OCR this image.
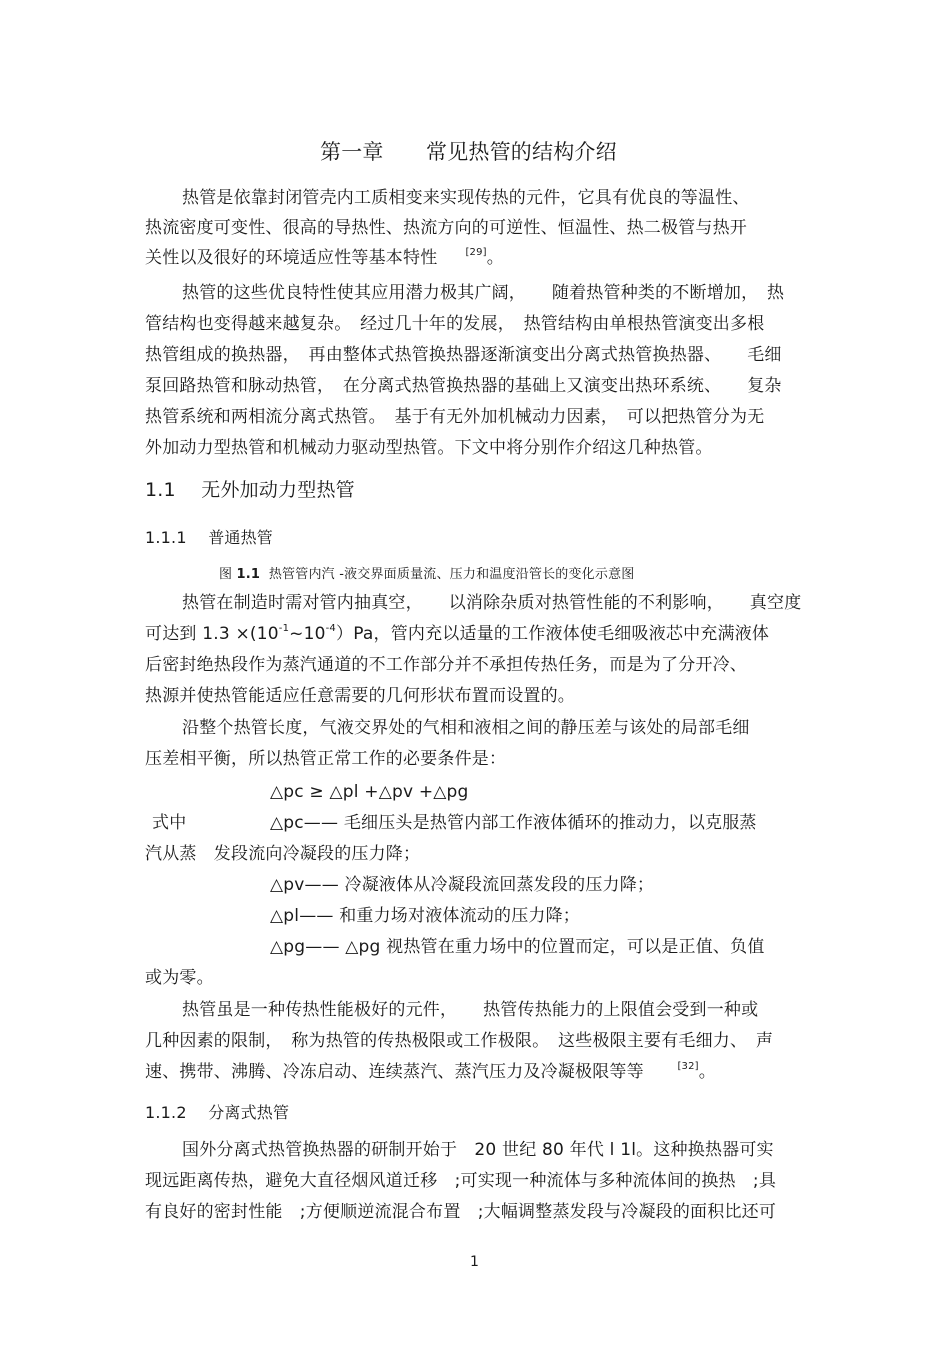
第一章　　常见热管的结构介绍
热管是依靠封闭管壳内工质相变来实现传热的元件，它具有优良的等温性、
热流密度可变性、很高的导热性、热流方向的可逆性、恒温性、热二极管与热开
关性以及很好的环境适应性等基本特性	[29]。
热管的这些优良特性使其应用潜力极其广阔，　　随着热管种类的不断增加，　热
管结构也变得越来越复杂。　经过几十年的发展，　热管结构由单根热管演变出多根
热管组成的换热器，　再由整体式热管换热器逐渐演变出分离式热管换热器、　　毛细
泵回路热管和脉动热管，　在分离式热管换热器的基础上又演变出热环系统、　　复杂
热管系统和两相流分离式热管。　基于有无外加机械动力因素，　可以把热管分为无
外加动力型热管和机械动力驱动型热管。下文中将分别作介绍这几种热管。
1.1　 无外加动力型热管
1.1.1　 普通热管
图 1.1 热管管内汽 -液交界面质量流、压力和温度沿管长的变化示意图
热管在制造时需对管内抽真空，　　以消除杂质对热管性能的不利影响，　　真空度
可达到 $1.3 \times(10^{-1}\sim 10^{-4})Pa$，管内充以适量的工作液体使毛细吸液芯中充满液体
后密封绝热段作为蒸汽通道的不工作部分并不承担传热任务，而是为了分开冷、
热源并使热管能适应任意需要的几何形状布置而设置的。
沿整个热管长度，气液交界处的气相和液相之间的静压差与该处的局部毛细
压差相平衡，所以热管正常工作的必要条件是：
△pc ≥ △pl +△pv +△pg
式中	△pc—— 毛细压头是热管内部工作液体循环的推动力，以克服蒸
汽从蒸　发段流向冷凝段的压力降；
△pv—— 冷凝液体从冷凝段流回蒸发段的压力降；
△pl—— 和重力场对液体流动的压力降；
△pg—— △pg 视热管在重力场中的位置而定，可以是正值、负值
或为零。
热管虽是一种传热性能极好的元件，　　热管传热能力的上限值会受到一种或
几种因素的限制，　称为热管的传热极限或工作极限。　这些极限主要有毛细力、　声
速、携带、沸腾、冷冻启动、连续蒸汽、蒸汽压力及冷凝极限等等	[32]。
1.1.2　 分离式热管
国外分离式热管换热器的研制开始于　20 世纪 80 年代 l 1l。这种换热器可实
现远距离传热，避免大直径烟风道迁移　;可实现一种流体与多种流体间的换热　;具
有良好的密封性能　;方便顺逆流混合布置　;大幅调整蒸发段与冷凝段的面积比还可
1
